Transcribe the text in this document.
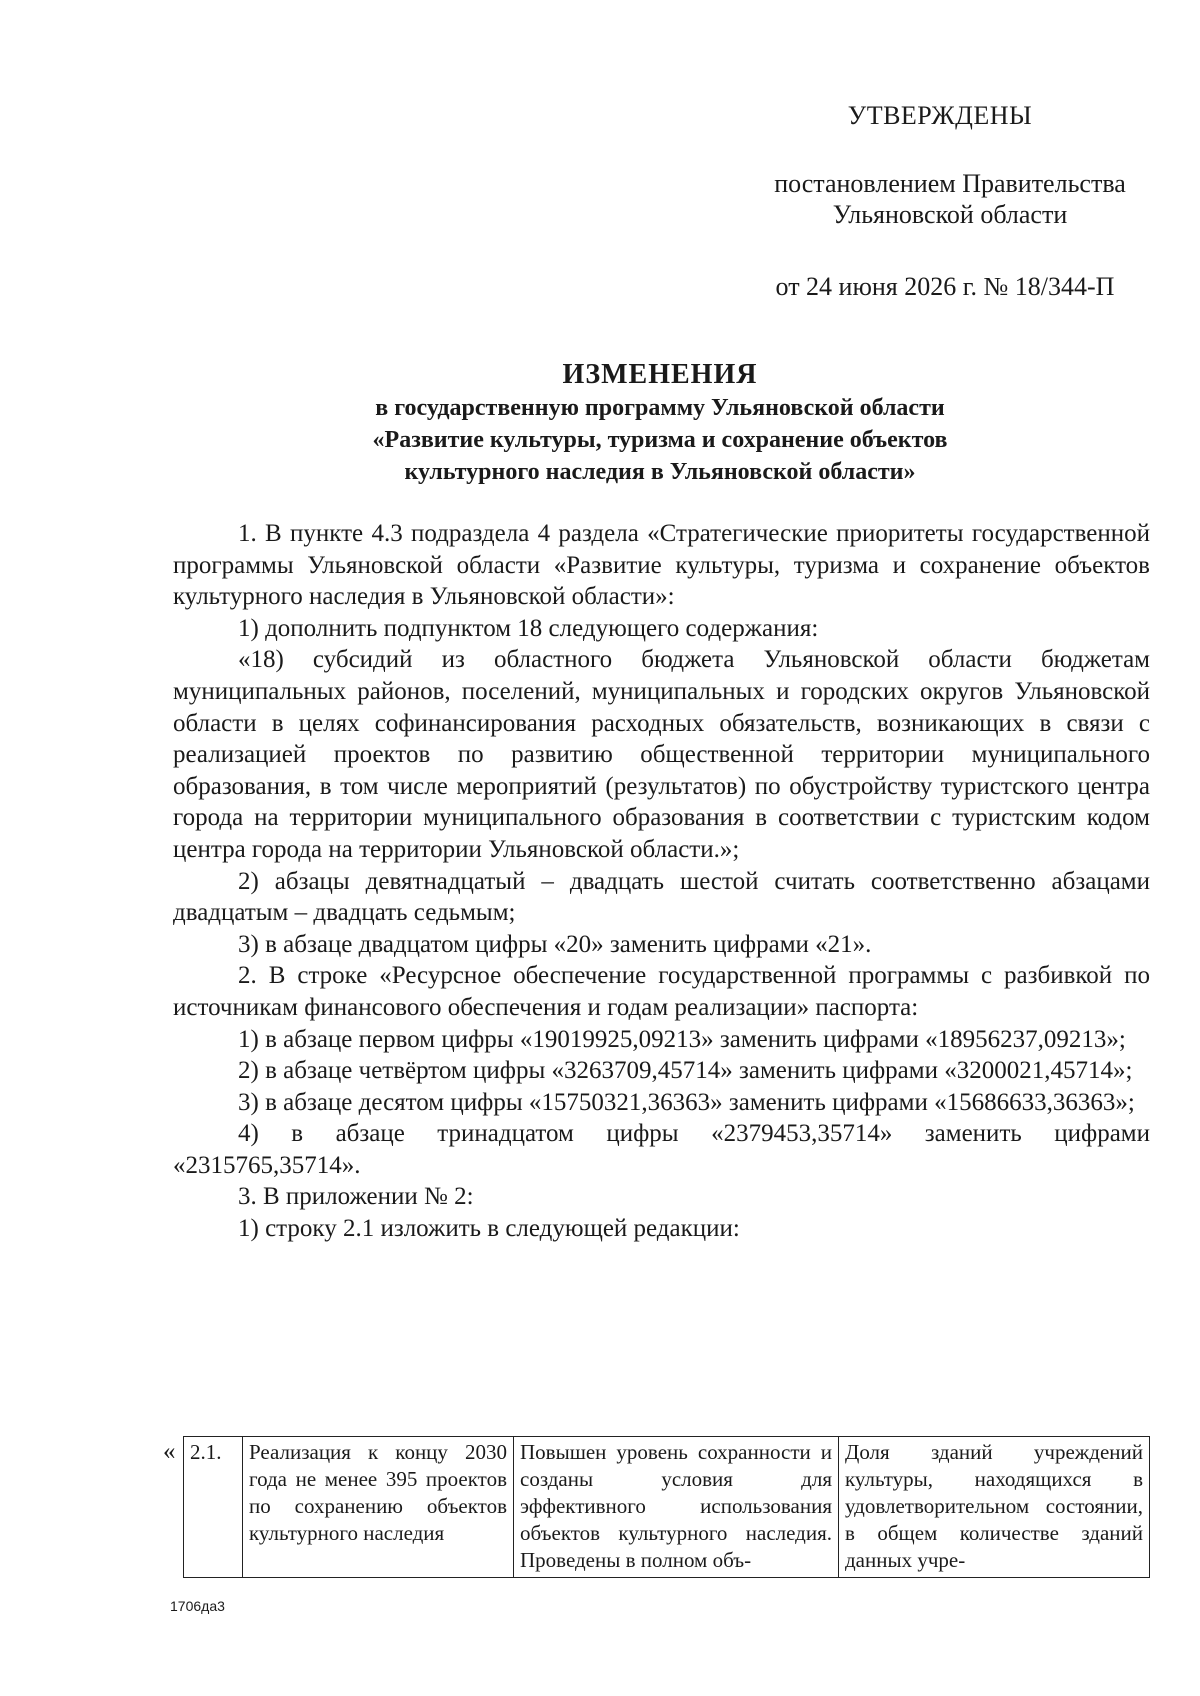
УТВЕРЖДЕНЫ
постановлением Правительства
Ульяновской области
от 24 июня 2026 г. № 18/344-П
ИЗМЕНЕНИЯ
в государственную программу Ульяновской области
«Развитие культуры, туризма и сохранение объектов
культурного наследия в Ульяновской области»

1. В пункте 4.3 подраздела 4 раздела «Стратегические приоритеты государственной программы Ульяновской области «Развитие культуры, туризма и сохранение объектов культурного наследия в Ульяновской области»:

1) дополнить подпунктом 18 следующего содержания:

«18) субсидий из областного бюджета Ульяновской области бюджетам муниципальных районов, поселений, муниципальных и городских округов Ульяновской области в целях софинансирования расходных обязательств, возникающих в связи с реализацией проектов по развитию общественной территории муниципального образования, в том числе мероприятий (результатов) по обустройству туристского центра города на территории муниципального образования в соответствии с туристским кодом центра города на территории Ульяновской области.»;

2) абзацы девятнадцатый – двадцать шестой считать соответственно абзацами двадцатым – двадцать седьмым;

3) в абзаце двадцатом цифры «20» заменить цифрами «21».

2. В строке «Ресурсное обеспечение государственной программы с разбивкой по источникам финансового обеспечения и годам реализации» паспорта:

1) в абзаце первом цифры «19019925,09213» заменить цифрами «18956237,09213»;

2) в абзаце четвёртом цифры «3263709,45714» заменить цифрами «3200021,45714»;

3) в абзаце десятом цифры «15750321,36363» заменить цифрами «15686633,36363»;

4) в абзаце тринадцатом цифры «2379453,35714» заменить цифрами «2315765,35714».

3. В приложении № 2:

1) строку 2.1 изложить в следующей редакции:

« 2.1.	Реализация к концу 2030 года не менее 395 проектов по сохранению объектов культурного наследия	Повышен уровень сохранности и созданы условия для эффективного использования объектов культурного наследия. Проведены в полном объ-	Доля зданий учреждений культуры, находящихся в удовлетворительном состоянии, в общем количестве зданий данных учре-
1706да3
